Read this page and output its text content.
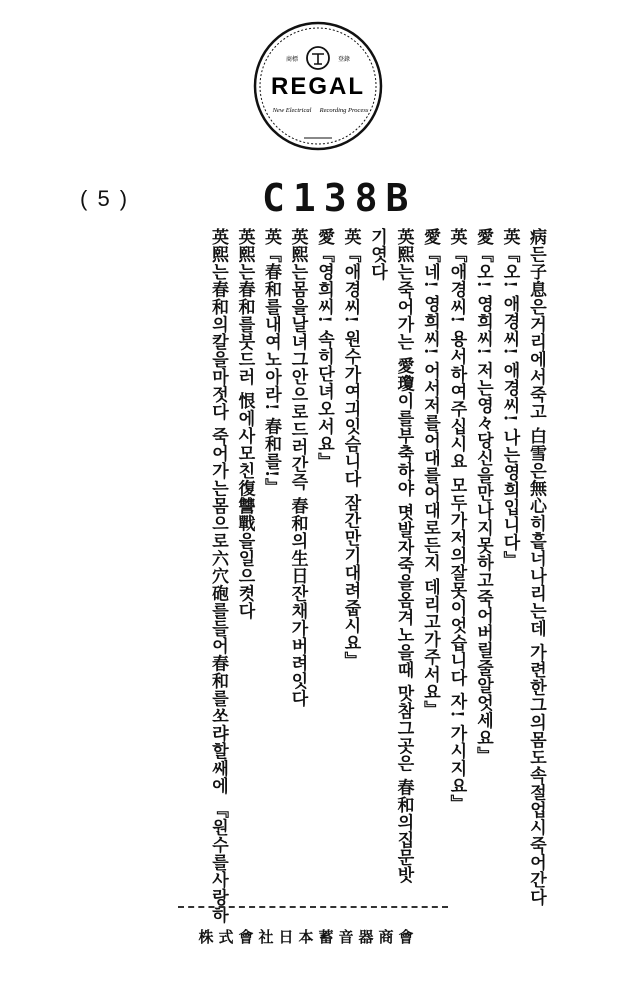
商標	登錄
REGAL
New Electrical Recording Process
( 5 )	C138B
病든子息은거리에서죽고 白雪은無心히흩너나리는데 가련한그의몸도속절업시죽어간다
英『오! 애경씨! 애경씨! 나는영희입니다』
愛『오! 영희씨! 저는영々당신을만나지못하고죽어버릴줄알엇세요』
英『애경씨! 용서하여주십시요 모두가저의잘못이엇습니다 자! 가시지요』
愛『네! 영희씨! 어서저를어대를어대로든지 데리고가주서요』
英熙는죽어가는 愛瓊이를부축하야 몃발자죽을옴겨노을때 맛참그곳은 春和의집문밧
기엿다
英『애경씨! 원수가여긔잇슴니다 잠간만기대려줍시요』
愛『영희씨! 속히단녀오서요』
英熙는몸을날녀그안으로드러간즉 春和의生日잔채가버려잇다
英『春和를내여노아라! 春和를!』
英熙는春和를붓드러 恨에사모친復讐戰을일으켯다
英熙는春和의칼을마젓다 죽어가는몸으로六穴砲를들어春和를쏘랴할쌔에 『원수를사랑하
株式會社日本蓄音器商會
